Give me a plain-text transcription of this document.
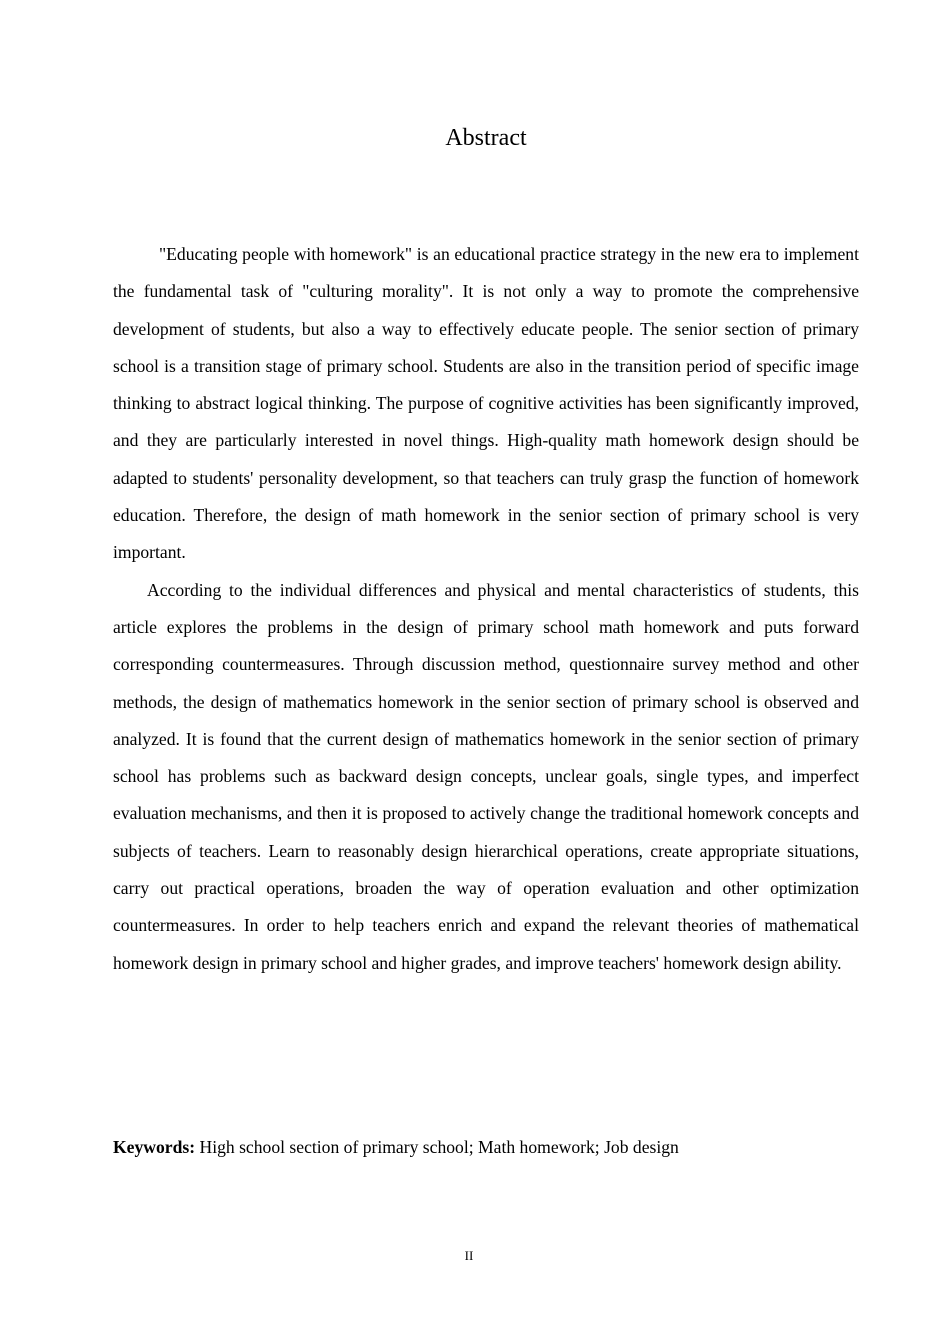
Abstract

"Educating people with homework" is an educational practice strategy in the new era to implement the fundamental task of "culturing morality". It is not only a way to promote the comprehensive development of students, but also a way to effectively educate people. The senior section of primary school is a transition stage of primary school. Students are also in the transition period of specific image thinking to abstract logical thinking. The purpose of cognitive activities has been significantly improved, and they are particularly interested in novel things. High-quality math homework design should be adapted to students' personality development, so that teachers can truly grasp the function of homework education. Therefore, the design of math homework in the senior section of primary school is very important.

According to the individual differences and physical and mental characteristics of students, this article explores the problems in the design of primary school math homework and puts forward corresponding countermeasures. Through discussion method, questionnaire survey method and other methods, the design of mathematics homework in the senior section of primary school is observed and analyzed. It is found that the current design of mathematics homework in the senior section of primary school has problems such as backward design concepts, unclear goals, single types, and imperfect evaluation mechanisms, and then it is proposed to actively change the traditional homework concepts and subjects of teachers. Learn to reasonably design hierarchical operations, create appropriate situations, carry out practical operations, broaden the way of operation evaluation and other optimization countermeasures. In order to help teachers enrich and expand the relevant theories of mathematical homework design in primary school and higher grades, and improve teachers' homework design ability.

Keywords: High school section of primary school; Math homework; Job design
II
